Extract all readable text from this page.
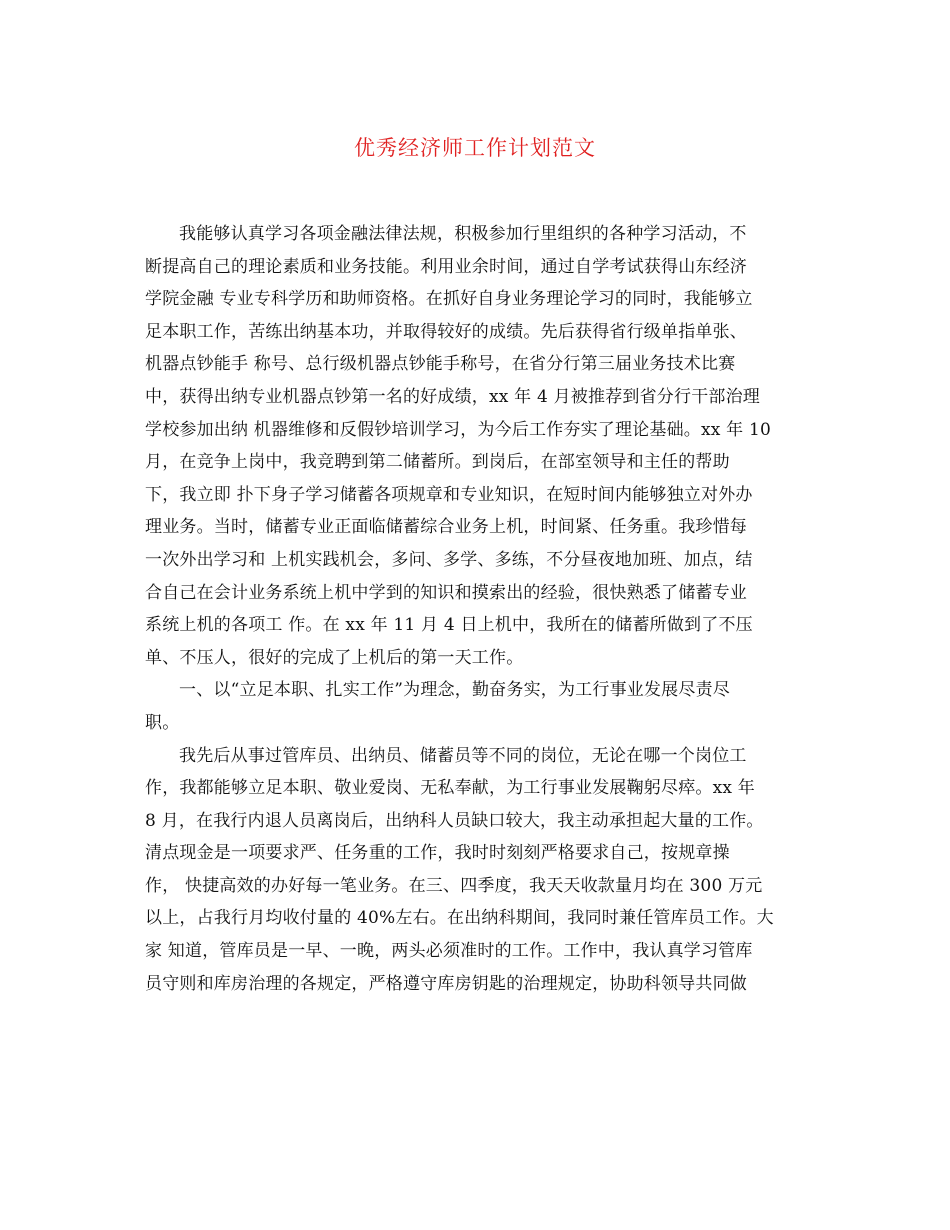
优秀经济师工作计划范文
我能够认真学习各项金融法律法规，积极参加行里组织的各种学习活动，不
断提高自己的理论素质和业务技能。利用业余时间，通过自学考试获得山东经济
学院金融 专业专科学历和助师资格。在抓好自身业务理论学习的同时，我能够立
足本职工作，苦练出纳基本功，并取得较好的成绩。先后获得省行级单指单张、
机器点钞能手 称号、总行级机器点钞能手称号，在省分行第三届业务技术比赛
中，获得出纳专业机器点钞第一名的好成绩，xx 年 4 月被推荐到省分行干部治理
学校参加出纳 机器维修和反假钞培训学习，为今后工作夯实了理论基础。xx 年 10
月，在竞争上岗中，我竞聘到第二储蓄所。到岗后，在部室领导和主任的帮助
下，我立即 扑下身子学习储蓄各项规章和专业知识，在短时间内能够独立对外办
理业务。当时，储蓄专业正面临储蓄综合业务上机，时间紧、任务重。我珍惜每
一次外出学习和 上机实践机会，多问、多学、多练，不分昼夜地加班、加点，结
合自己在会计业务系统上机中学到的知识和摸索出的经验，很快熟悉了储蓄专业
系统上机的各项工 作。在 xx 年 11 月 4 日上机中，我所在的储蓄所做到了不压
单、不压人，很好的完成了上机后的第一天工作。
一、以“立足本职、扎实工作”为理念，勤奋务实，为工行事业发展尽责尽
职。
我先后从事过管库员、出纳员、储蓄员等不同的岗位，无论在哪一个岗位工
作，我都能够立足本职、敬业爱岗、无私奉献，为工行事业发展鞠躬尽瘁。xx 年
8 月，在我行内退人员离岗后，出纳科人员缺口较大，我主动承担起大量的工作。
清点现金是一项要求严、任务重的工作，我时时刻刻严格要求自己，按规章操
作， 快捷高效的办好每一笔业务。在三、四季度，我天天收款量月均在 300 万元
以上，占我行月均收付量的 40%左右。在出纳科期间，我同时兼任管库员工作。大
家 知道，管库员是一早、一晚，两头必须准时的工作。工作中，我认真学习管库
员守则和库房治理的各规定，严格遵守库房钥匙的治理规定，协助科领导共同做
